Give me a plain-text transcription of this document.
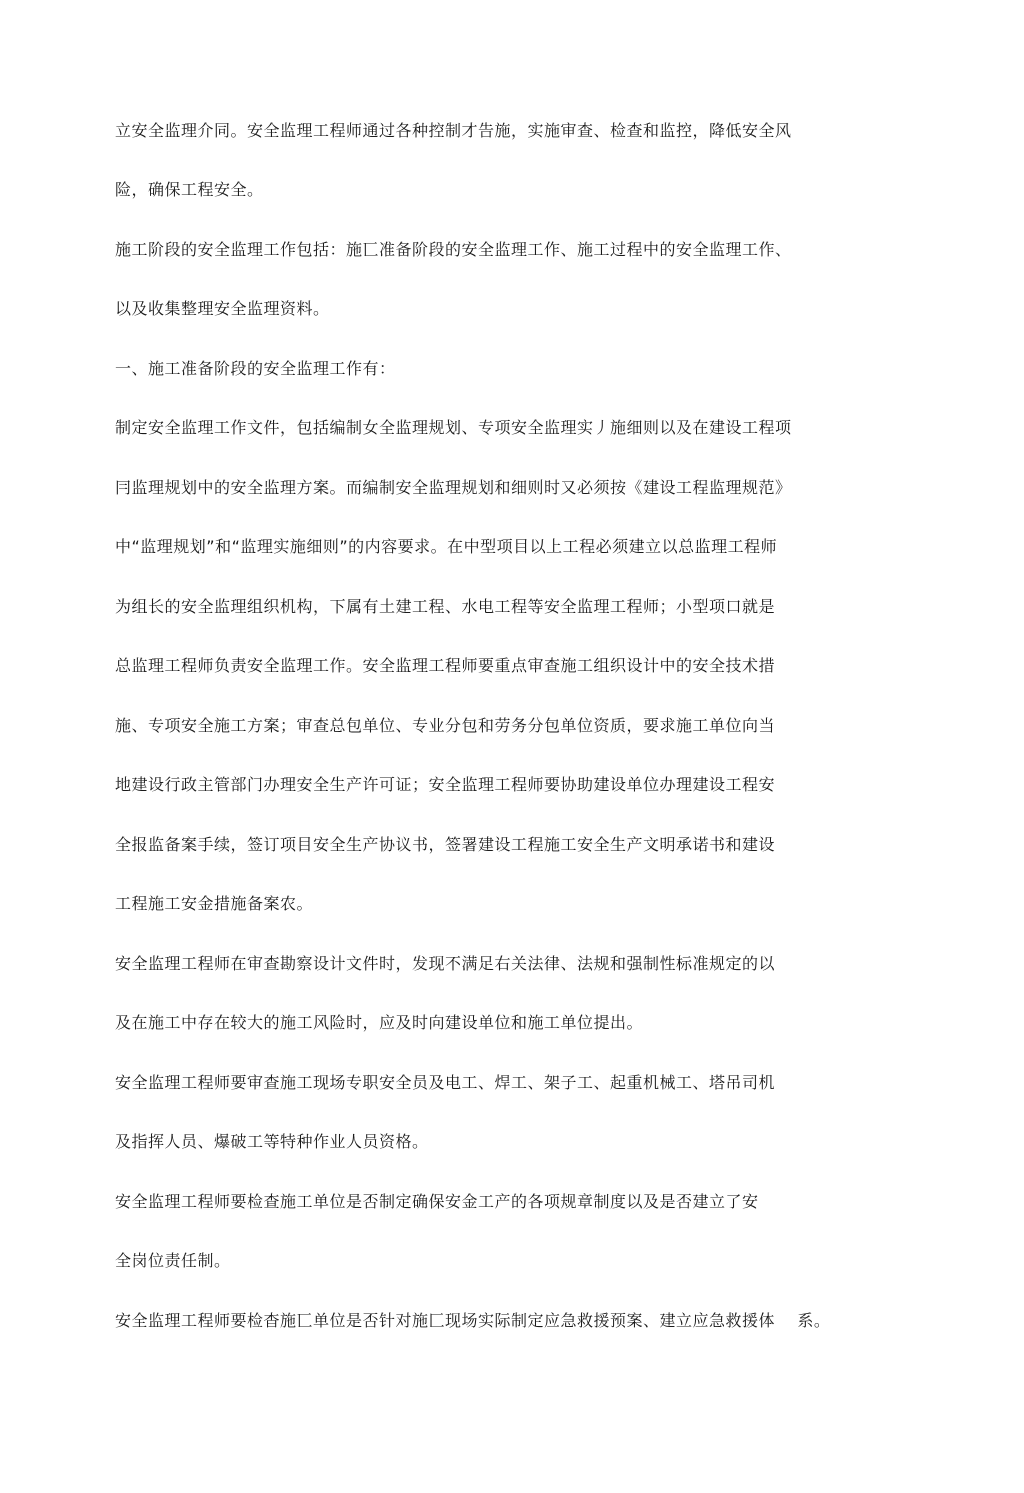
立安全监理介同。安全监理工程师通过各种控制才告施，实施审查、检查和监控，降低安全风
险，确保工程安全。
施工阶段的安全监理工作包括：施匸准备阶段的安全监理工作、施工过程中的安全监理工作、
以及收集整理安全监理资料。
一、施工准备阶段的安全监理工作有：
制定安全监理工作文件，包括编制女全监理规划、专项安全监理实丿施细则以及在建设工程项
冃监理规划中的安全监理方案。而编制安全监理规划和细则时又必须按《建设工程监理规范》
中“监理规划”和“监理实施细则”的内容要求。在中型项目以上工程必须建立以总监理工程师
为组长的安全监理组织机构，下属有土建工程、水电工程等安全监理工程师；小型项口就是
总监理工程师负责安全监理工作。安全监理工程师要重点审查施工组织设计中的安全技术措
施、专项安全施工方案；审查总包单位、专业分包和劳务分包单位资质，要求施工单位向当
地建设行政主管部门办理安全生产许可证；安全监理工程师要协助建设单位办理建设工程安
全报监备案手续，签订项目安全生产协议书，签署建设工程施工安全生产文明承诺书和建设
工程施工安金措施备案农。
安全监理工程师在审查勘察设计文件时，发现不满足右关法律、法规和强制性标准规定的以
及在施工中存在较大的施工风险时，应及时向建设单位和施工单位提出。
安全监理工程师要审查施工现场专职安全员及电工、焊工、架子工、起重机械工、塔吊司机
及指挥人员、爆破工等特种作业人员资格。
安全监理工程师要检查施工单位是否制定确保安金工产的各项规章制度以及是否建立了安
全岗位责任制。
安全监理工程师要检杳施匸单位是否针对施匚现场实际制定应急救援预案、建立应急救援体    系。
